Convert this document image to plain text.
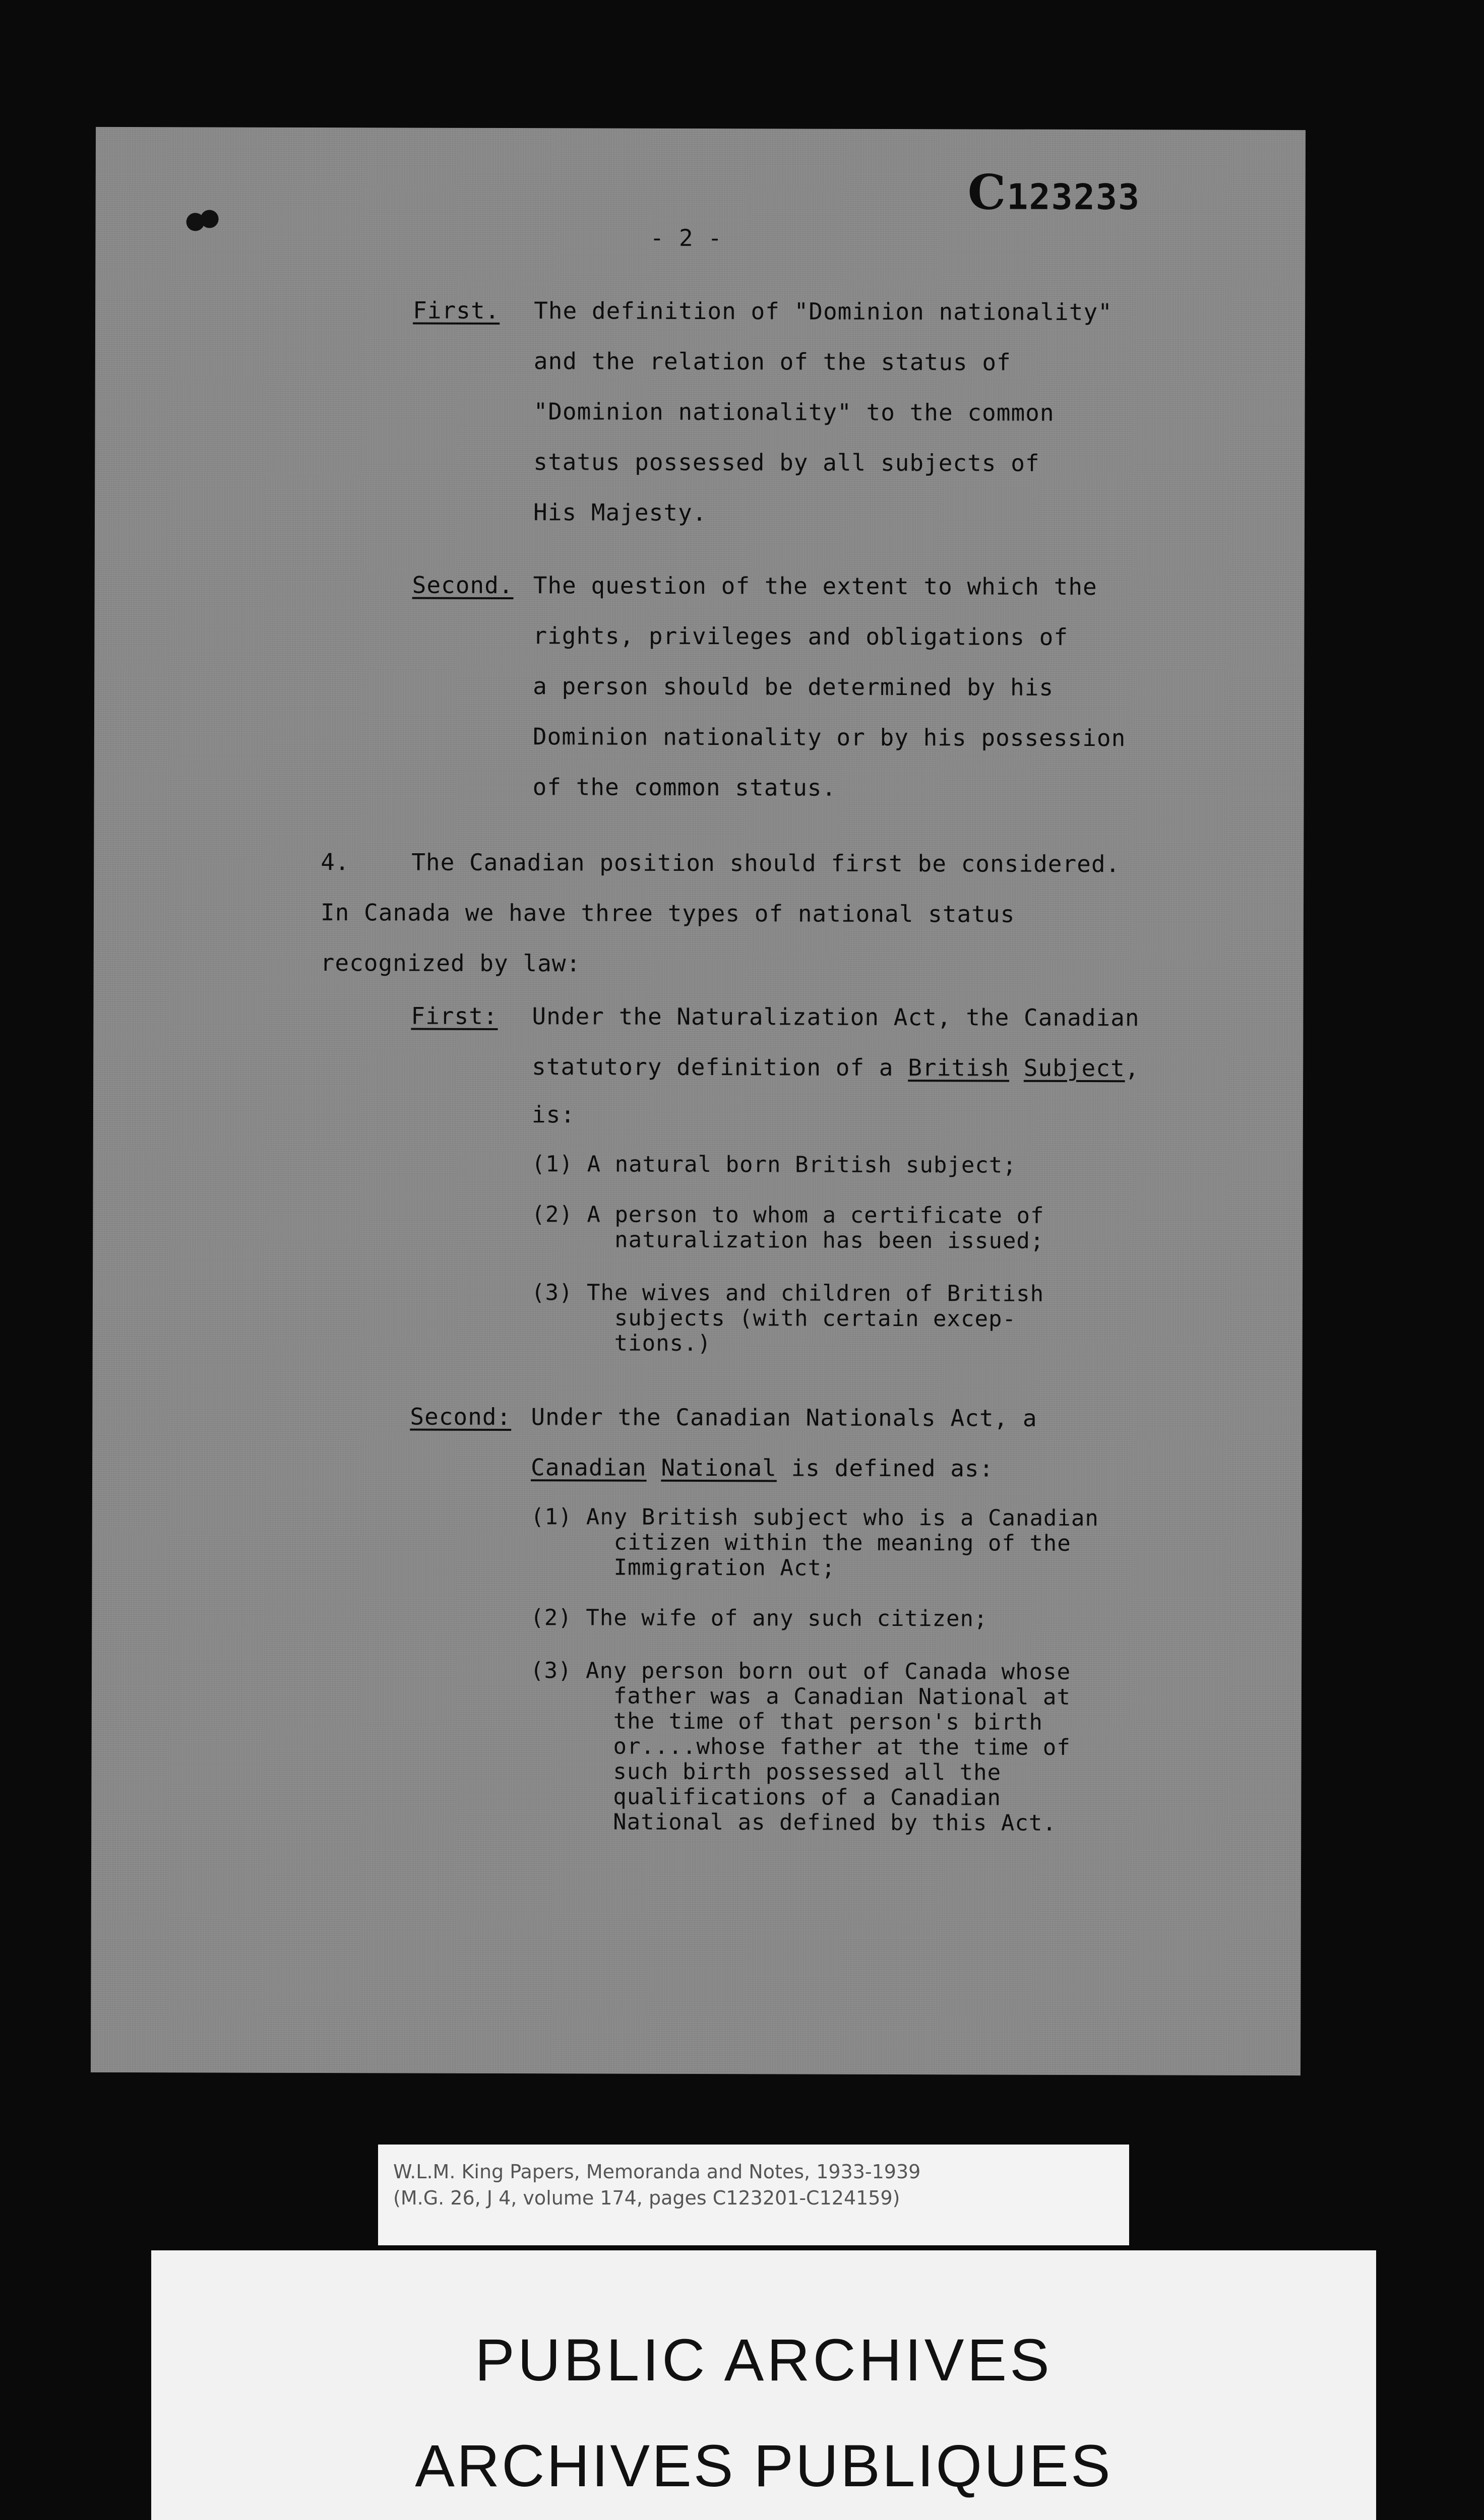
C123233
- 2 -
First. The definition of "Dominion nationality"
and the relation of the status of
"Dominion nationality" to the common
status possessed by all subjects of
His Majesty.
Second. The question of the extent to which the
rights, privileges and obligations of
a person should be determined by his
Dominion nationality or by his possession
of the common status.
4.	The Canadian position should first be considered.
In Canada we have three types of national status
recognized by law:
First: Under the Naturalization Act, the Canadian
statutory definition of a British Subject,
is:
(1) A natural born British subject;
(2) A person to whom a certificate of
naturalization has been issued;
(3) The wives and children of British
subjects (with certain excep-
tions.)
Second: Under the Canadian Nationals Act, a
Canadian National is defined as:
(1) Any British subject who is a Canadian
citizen within the meaning of the
Immigration Act;
(2) The wife of any such citizen;
(3) Any person born out of Canada whose
father was a Canadian National at
the time of that person's birth
or....whose father at the time of
such birth possessed all the
qualifications of a Canadian
National as defined by this Act.
W.L.M. King Papers, Memoranda and Notes, 1933-1939
(M.G. 26, J 4, volume 174, pages C123201-C124159)
PUBLIC ARCHIVES
ARCHIVES PUBLIQUES
